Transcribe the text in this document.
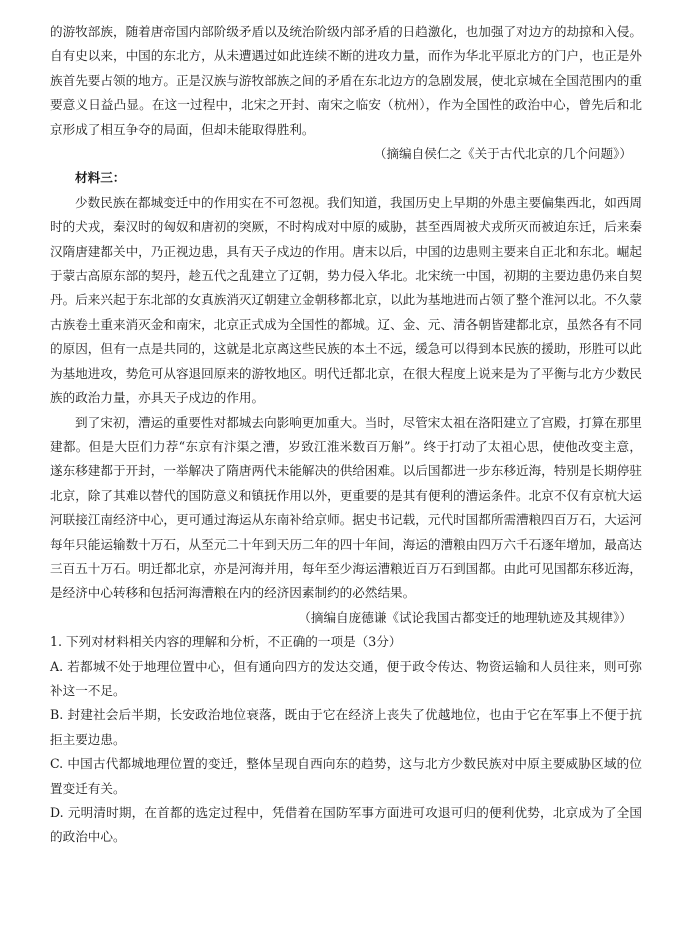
的游牧部族，随着唐帝国内部阶级矛盾以及统治阶级内部矛盾的日趋激化，也加强了对边方的劫掠和入侵。自有史以来，中国的东北方，从未遭遇过如此连续不断的进攻力量，而作为华北平原北方的门户，也正是外族首先要占领的地方。正是汉族与游牧部族之间的矛盾在东北边方的急剧发展，使北京城在全国范围内的重要意义日益凸显。在这一过程中，北宋之开封、南宋之临安（杭州），作为全国性的政治中心，曾先后和北京形成了相互争夺的局面，但却未能取得胜利。

（摘编自侯仁之《关于古代北京的几个问题》）

材料三：

少数民族在都城变迁中的作用实在不可忽视。我们知道，我国历史上早期的外患主要偏集西北，如西周时的犬戎，秦汉时的匈奴和唐初的突厥，不时构成对中原的威胁，甚至西周被犬戎所灭而被迫东迁，后来秦汉隋唐建都关中，乃正视边患，具有天子戍边的作用。唐末以后，中国的边患则主要来自正北和东北。崛起于蒙古高原东部的契丹，趁五代之乱建立了辽朝，势力侵入华北。北宋统一中国，初期的主要边患仍来自契丹。后来兴起于东北部的女真族消灭辽朝建立金朝移都北京，以此为基地进而占领了整个淮河以北。不久蒙古族卷土重来消灭金和南宋，北京正式成为全国性的都城。辽、金、元、清各朝皆建都北京，虽然各有不同的原因，但有一点是共同的，这就是北京离这些民族的本土不远，缓急可以得到本民族的援助，形胜可以此为基地进攻，势危可从容退回原来的游牧地区。明代迁都北京，在很大程度上说来是为了平衡与北方少数民族的政治力量，亦具天子戍边的作用。

到了宋初，漕运的重要性对都城去向影响更加重大。当时，尽管宋太祖在洛阳建立了宫殿，打算在那里建都。但是大臣们力荐“东京有汴渠之漕，岁致江淮米数百万斛”。终于打动了太祖心思，使他改变主意，遂东移建都于开封，一举解决了隋唐两代未能解决的供给困难。以后国都进一步东移近海，特别是长期停驻北京，除了其难以替代的国防意义和镇抚作用以外，更重要的是其有便利的漕运条件。北京不仅有京杭大运河联接江南经济中心，更可通过海运从东南补给京师。据史书记载，元代时国都所需漕粮四百万石，大运河每年只能运输数十万石，从至元二十年到天历二年的四十年间，海运的漕粮由四万六千石逐年增加，最高达三百五十万石。明迁都北京，亦是河海并用，每年至少海运漕粮近百万石到国都。由此可见国都东移近海，是经济中心转移和包括河海漕粮在内的经济因素制约的必然结果。

（摘编自庞德谦《试论我国古都变迁的地理轨迹及其规律》）

1. 下列对材料相关内容的理解和分析，不正确的一项是（3分）

A. 若都城不处于地理位置中心，但有通向四方的发达交通，便于政令传达、物资运输和人员往来，则可弥补这一不足。

B. 封建社会后半期，长安政治地位衰落，既由于它在经济上丧失了优越地位，也由于它在军事上不便于抗拒主要边患。

C. 中国古代都城地理位置的变迁，整体呈现自西向东的趋势，这与北方少数民族对中原主要威胁区域的位置变迁有关。

D. 元明清时期，在首都的选定过程中，凭借着在国防军事方面进可攻退可归的便利优势，北京成为了全国的政治中心。
